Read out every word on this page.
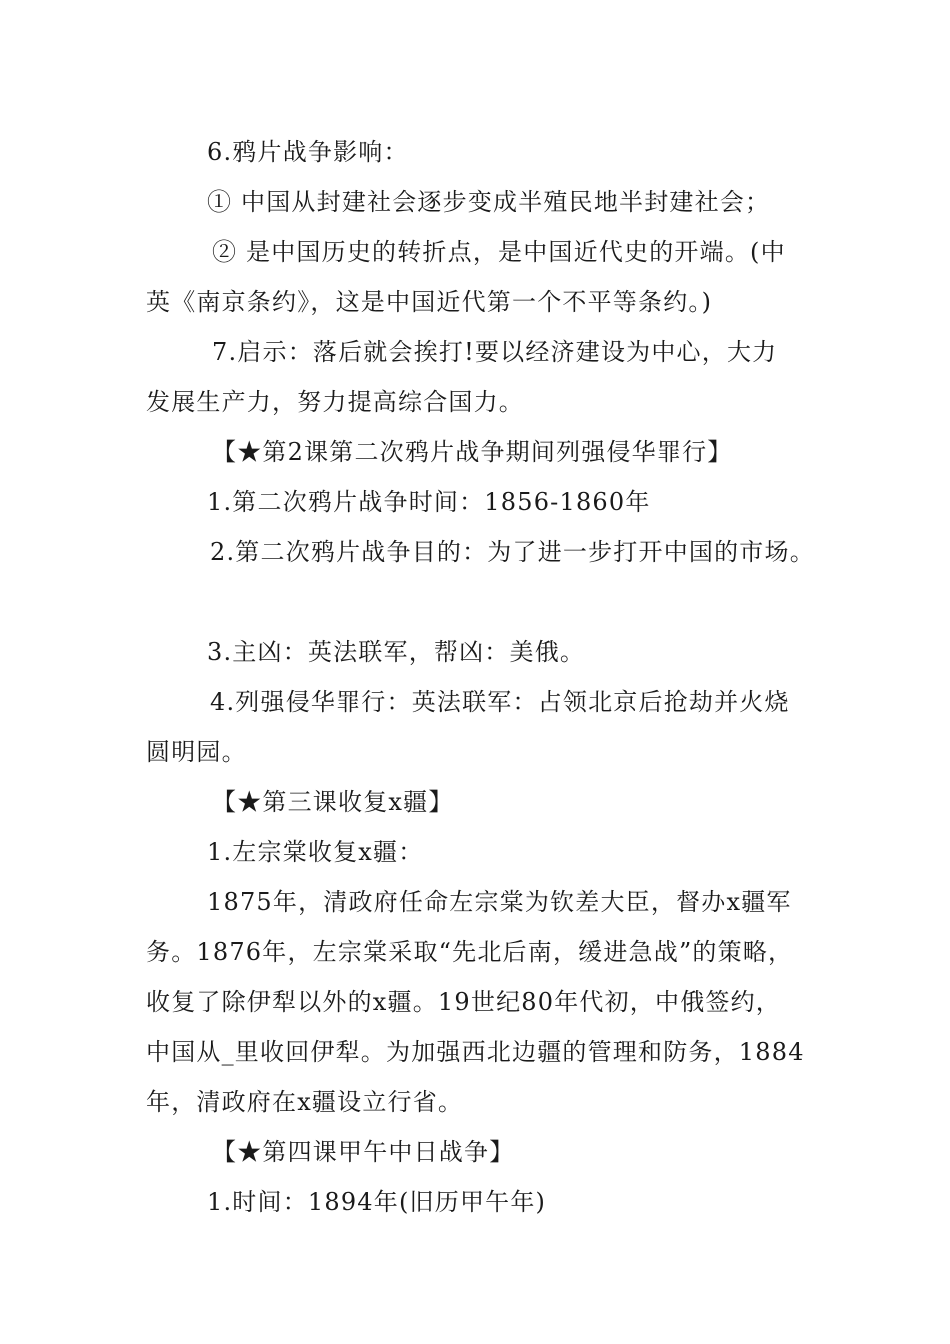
6.鸦片战争影响：
① 中国从封建社会逐步变成半殖民地半封建社会；
② 是中国历史的转折点，是中国近代史的开端。(中
英《南京条约》，这是中国近代第一个不平等条约。)
7.启示：落后就会挨打!要以经济建设为中心，大力
发展生产力，努力提高综合国力。
【★第2课第二次鸦片战争期间列强侵华罪行】
1.第二次鸦片战争时间：1856-1860年
2.第二次鸦片战争目的：为了进一步打开中国的市场。
3.主凶：英法联军，帮凶：美俄。
4.列强侵华罪行：英法联军：占领北京后抢劫并火烧
圆明园。
【★第三课收复x疆】
1.左宗棠收复x疆：
1875年，清政府任命左宗棠为钦差大臣，督办x疆军
务。1876年，左宗棠采取“先北后南，缓进急战”的策略，
收复了除伊犁以外的x疆。19世纪80年代初，中俄签约，
中国从_里收回伊犁。为加强西北边疆的管理和防务，1884
年，清政府在x疆设立行省。
【★第四课甲午中日战争】
1.时间：1894年(旧历甲午年)
